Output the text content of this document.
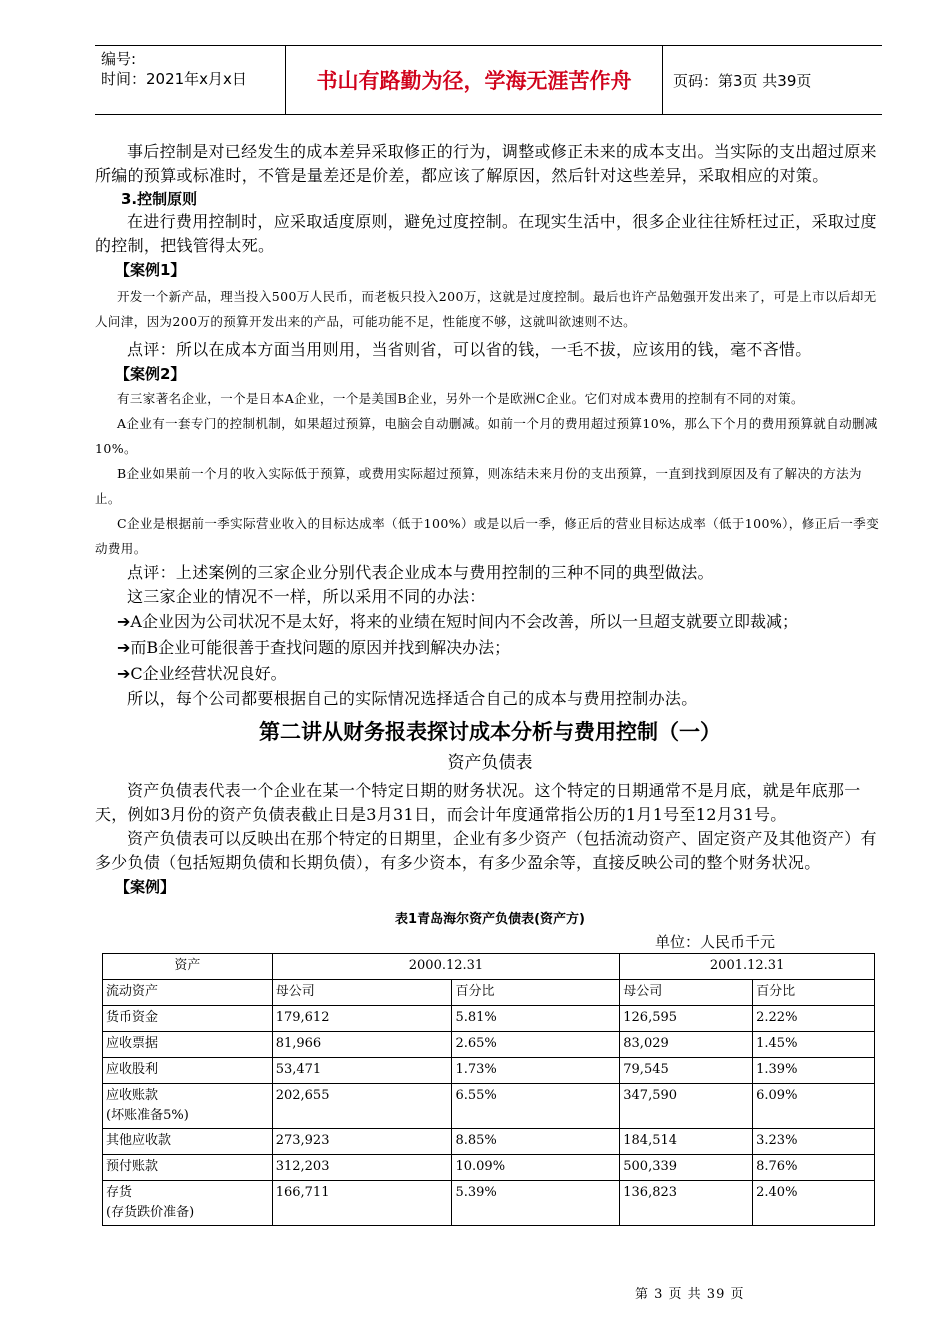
编号:
时间：2021年x月x日	书山有路勤为径，学海无涯苦作舟	页码：第3页 共39页

事后控制是对已经发生的成本差异采取修正的行为，调整或修正未来的成本支出。当实际的支出超过原来所编的预算或标准时，不管是量差还是价差，都应该了解原因，然后针对这些差异，采取相应的对策。

3.控制原则

在进行费用控制时，应采取适度原则，避免过度控制。在现实生活中，很多企业往往矫枉过正，采取过度的控制，把钱管得太死。

【案例1】

开发一个新产品，理当投入500万人民币，而老板只投入200万，这就是过度控制。最后也许产品勉强开发出来了，可是上市以后却无人问津，因为200万的预算开发出来的产品，可能功能不足，性能度不够，这就叫欲速则不达。

点评：所以在成本方面当用则用，当省则省，可以省的钱，一毛不拔，应该用的钱，毫不吝惜。

【案例2】

有三家著名企业，一个是日本A企业，一个是美国B企业，另外一个是欧洲C企业。它们对成本费用的控制有不同的对策。

A企业有一套专门的控制机制，如果超过预算，电脑会自动删减。如前一个月的费用超过预算10%，那么下个月的费用预算就自动删减10%。

B企业如果前一个月的收入实际低于预算，或费用实际超过预算，则冻结未来月份的支出预算，一直到找到原因及有了解决的方法为止。

C企业是根据前一季实际营业收入的目标达成率（低于100%）或是以后一季，修正后的营业目标达成率（低于100%），修正后一季变动费用。

点评：上述案例的三家企业分别代表企业成本与费用控制的三种不同的典型做法。

这三家企业的情况不一样，所以采用不同的办法：

➔A企业因为公司状况不是太好，将来的业绩在短时间内不会改善，所以一旦超支就要立即裁减；

➔而B企业可能很善于查找问题的原因并找到解决办法；

➔C企业经营状况良好。

所以，每个公司都要根据自己的实际情况选择适合自己的成本与费用控制办法。

第二讲从财务报表探讨成本分析与费用控制（一）
资产负债表

资产负债表代表一个企业在某一个特定日期的财务状况。这个特定的日期通常不是月底，就是年底那一天，例如3月份的资产负债表截止日是3月31日，而会计年度通常指公历的1月1号至12月31号。

资产负债表可以反映出在那个特定的日期里，企业有多少资产（包括流动资产、固定资产及其他资产）有多少负债（包括短期负债和长期负债），有多少资本，有多少盈余等，直接反映公司的整个财务状况。

【案例】

表1青岛海尔资产负债表(资产方)

单位：人民币千元

资产	2000.12.31		2001.12.31	
流动资产	母公司	百分比	母公司	百分比
货币资金	179,612	5.81%	126,595	2.22%
应收票据	81,966	2.65%	83,029	1.45%
应收股利	53,471	1.73%	79,545	1.39%

应收账款
(坏账准备5%)	202,655	6.55%	347,590	6.09%
其他应收款	273,923	8.85%	184,514	3.23%
预付账款	312,203	10.09%	500,339	8.76%

存货
(存货跌价准备)	166,711	5.39%	136,823	2.40%
第 3 页 共 39 页
